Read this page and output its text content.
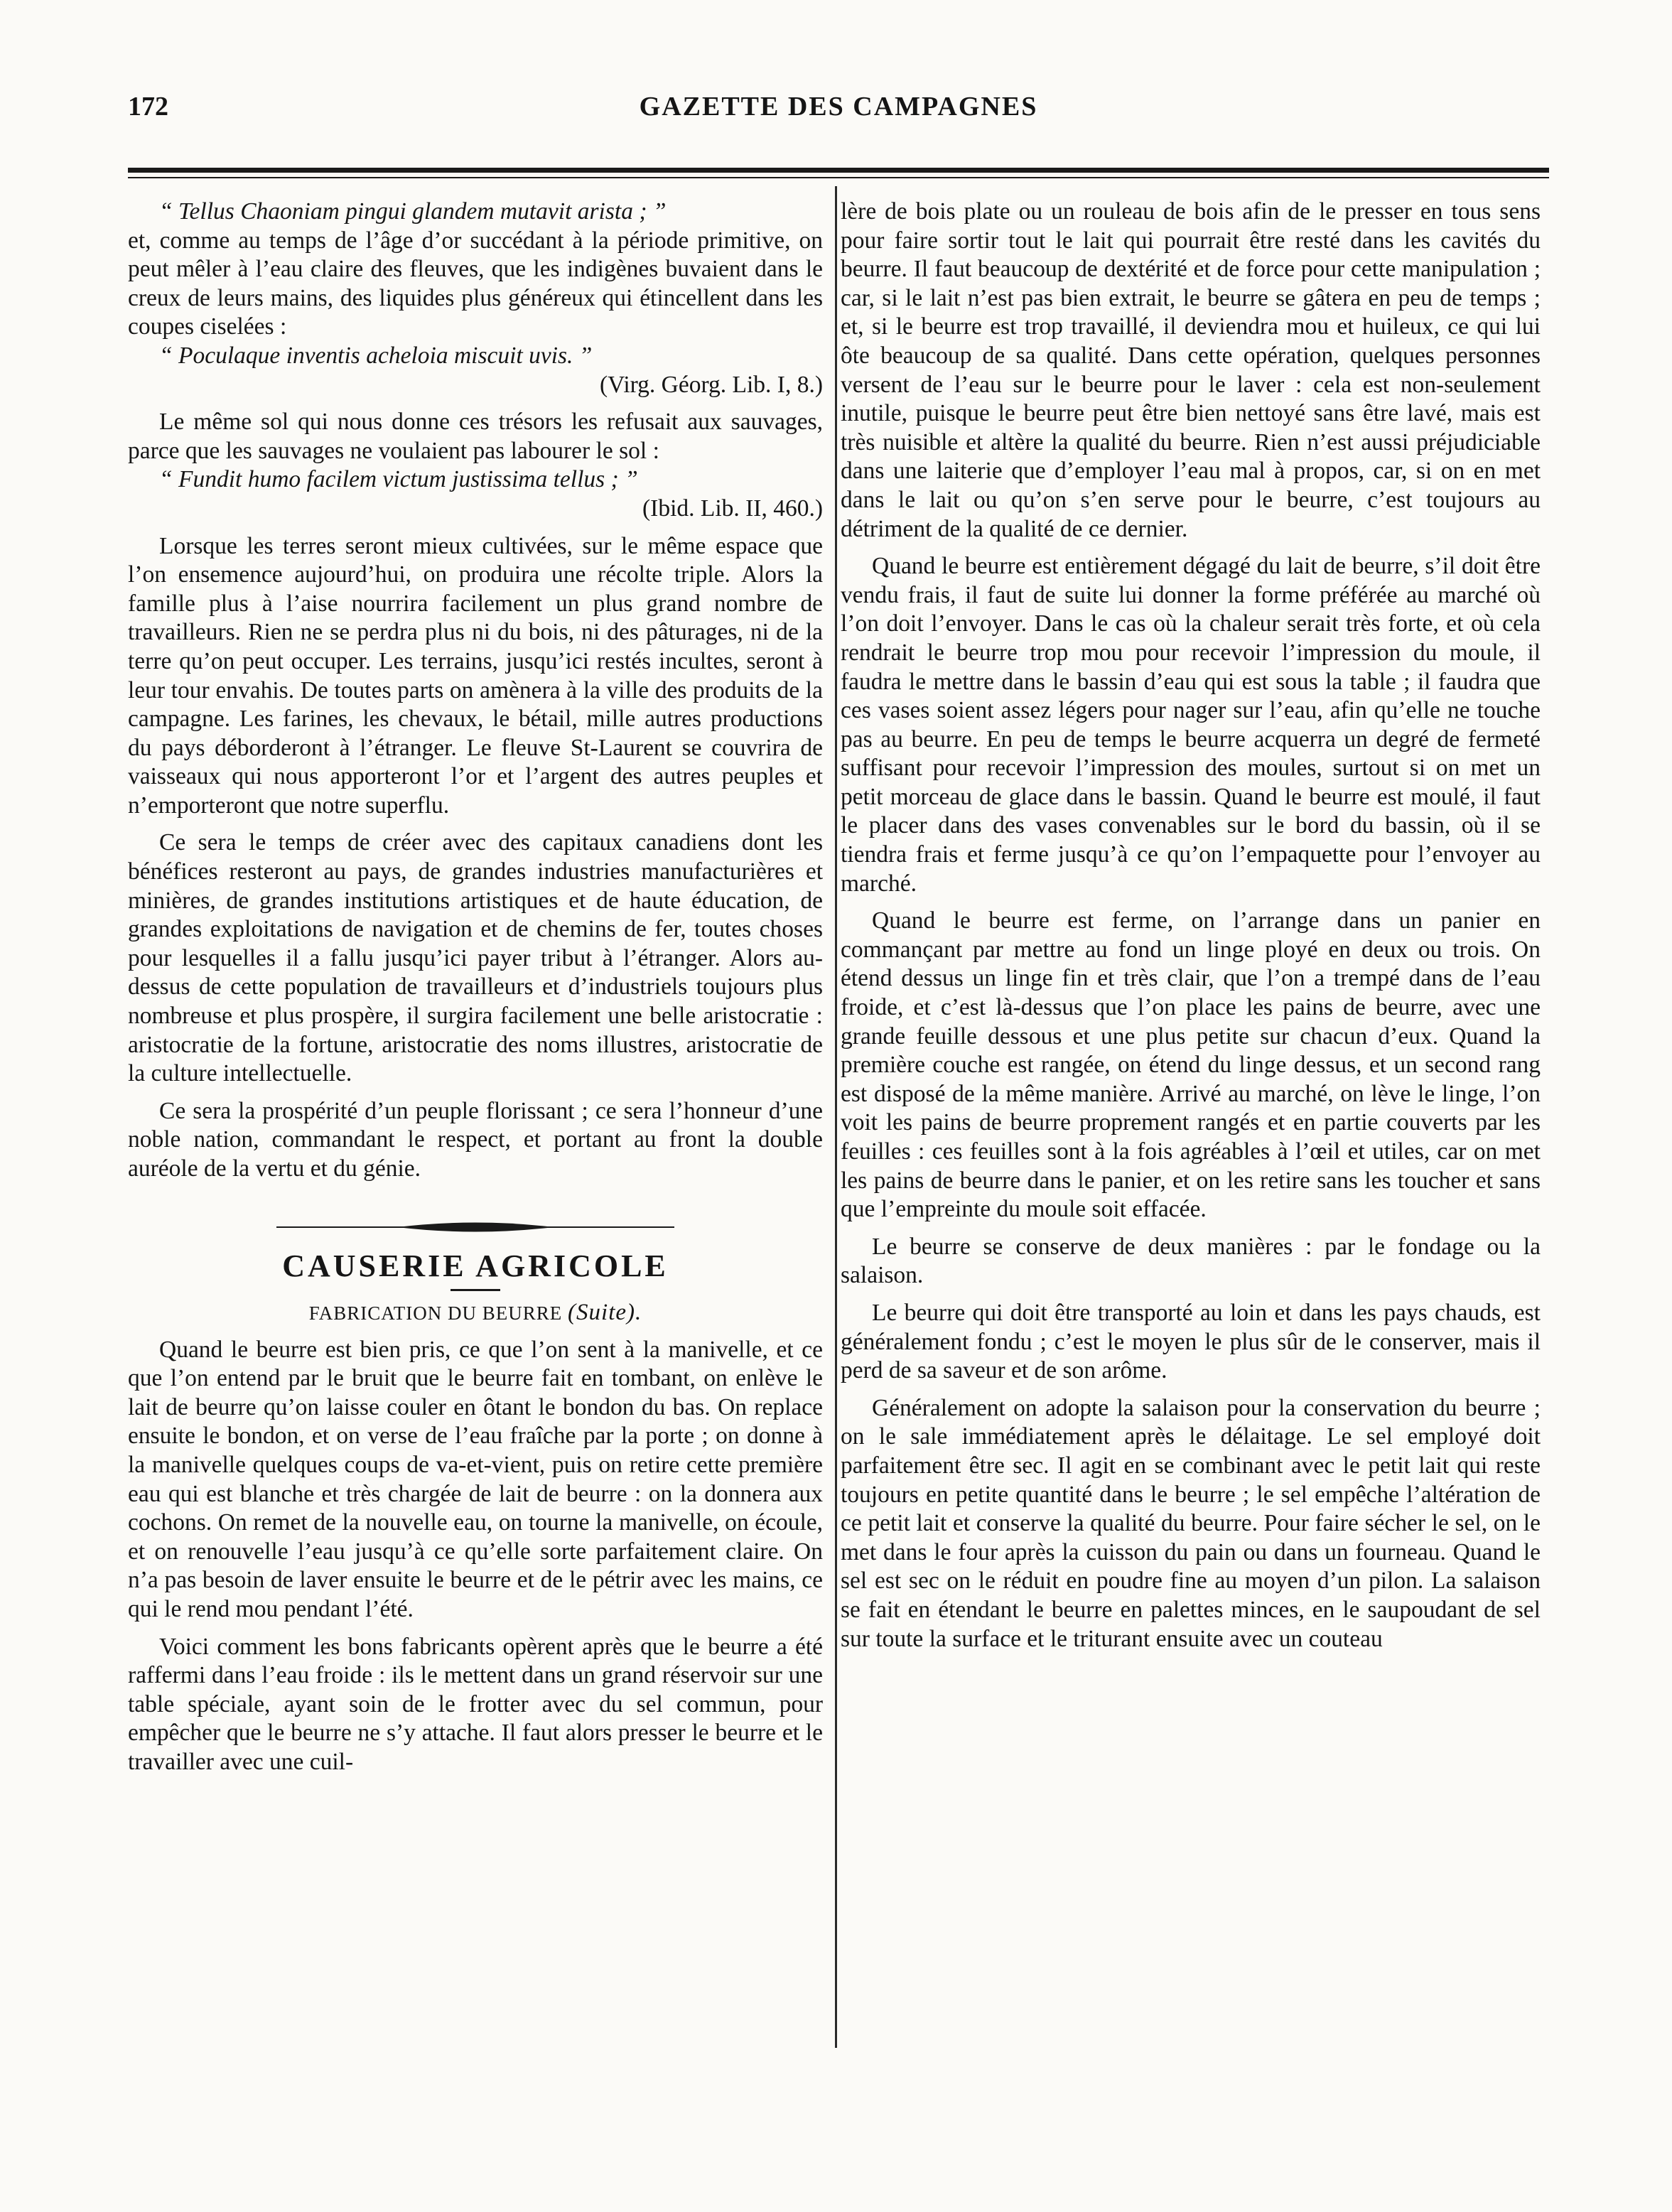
172	GAZETTE DES CAMPAGNES

“ Tellus Chaoniam pingui glandem mutavit arista ; ”

et, comme au temps de l’âge d’or succédant à la période primitive, on peut mêler à l’eau claire des fleuves, que les indigènes buvaient dans le creux de leurs mains, des liquides plus généreux qui étincellent dans les coupes ciselées :

“ Poculaque inventis acheloia miscuit uvis. ”

(Virg. Géorg. Lib. I, 8.)

Le même sol qui nous donne ces trésors les refusait aux sauvages, parce que les sauvages ne voulaient pas labourer le sol :

“ Fundit humo facilem victum justissima tellus ; ”

(Ibid. Lib. II, 460.)

Lorsque les terres seront mieux cultivées, sur le même espace que l’on ensemence aujourd’hui, on produira une récolte triple. Alors la famille plus à l’aise nourrira facilement un plus grand nombre de travailleurs. Rien ne se perdra plus ni du bois, ni des pâturages, ni de la terre qu’on peut occuper. Les terrains, jusqu’ici restés incultes, seront à leur tour envahis. De toutes parts on amènera à la ville des produits de la campagne. Les farines, les chevaux, le bétail, mille autres productions du pays déborderont à l’étranger. Le fleuve St-Laurent se couvrira de vaisseaux qui nous apporteront l’or et l’argent des autres peuples et n’emporteront que notre superflu.

Ce sera le temps de créer avec des capitaux canadiens dont les bénéfices resteront au pays, de grandes industries manufacturières et minières, de grandes institutions artistiques et de haute éducation, de grandes exploitations de navigation et de chemins de fer, toutes choses pour lesquelles il a fallu jusqu’ici payer tribut à l’étranger. Alors au-dessus de cette population de travailleurs et d’industriels toujours plus nombreuse et plus prospère, il surgira facilement une belle aristocratie : aristocratie de la fortune, aristocratie des noms illustres, aristocratie de la culture intellectuelle.

Ce sera la prospérité d’un peuple florissant ; ce sera l’honneur d’une noble nation, commandant le respect, et portant au front la double auréole de la vertu et du génie.

CAUSERIE AGRICOLE

FABRICATION DU BEURRE (Suite).

Quand le beurre est bien pris, ce que l’on sent à la manivelle, et ce que l’on entend par le bruit que le beurre fait en tombant, on enlève le lait de beurre qu’on laisse couler en ôtant le bondon du bas. On replace ensuite le bondon, et on verse de l’eau fraîche par la porte ; on donne à la manivelle quelques coups de va-et-vient, puis on retire cette première eau qui est blanche et très chargée de lait de beurre : on la donnera aux cochons. On remet de la nouvelle eau, on tourne la manivelle, on écoule, et on renouvelle l’eau jusqu’à ce qu’elle sorte parfaitement claire. On n’a pas besoin de laver ensuite le beurre et de le pétrir avec les mains, ce qui le rend mou pendant l’été.

Voici comment les bons fabricants opèrent après que le beurre a été raffermi dans l’eau froide : ils le mettent dans un grand réservoir sur une table spéciale, ayant soin de le frotter avec du sel commun, pour empêcher que le beurre ne s’y attache. Il faut alors presser le beurre et le travailler avec une cuil-

lère de bois plate ou un rouleau de bois afin de le presser en tous sens pour faire sortir tout le lait qui pourrait être resté dans les cavités du beurre. Il faut beaucoup de dextérité et de force pour cette manipulation ; car, si le lait n’est pas bien extrait, le beurre se gâtera en peu de temps ; et, si le beurre est trop travaillé, il deviendra mou et huileux, ce qui lui ôte beaucoup de sa qualité. Dans cette opération, quelques personnes versent de l’eau sur le beurre pour le laver : cela est non-seulement inutile, puisque le beurre peut être bien nettoyé sans être lavé, mais est très nuisible et altère la qualité du beurre. Rien n’est aussi préjudiciable dans une laiterie que d’employer l’eau mal à propos, car, si on en met dans le lait ou qu’on s’en serve pour le beurre, c’est toujours au détriment de la qualité de ce dernier.

Quand le beurre est entièrement dégagé du lait de beurre, s’il doit être vendu frais, il faut de suite lui donner la forme préférée au marché où l’on doit l’envoyer. Dans le cas où la chaleur serait très forte, et où cela rendrait le beurre trop mou pour recevoir l’impression du moule, il faudra le mettre dans le bassin d’eau qui est sous la table ; il faudra que ces vases soient assez légers pour nager sur l’eau, afin qu’elle ne touche pas au beurre. En peu de temps le beurre acquerra un degré de fermeté suffisant pour recevoir l’impression des moules, surtout si on met un petit morceau de glace dans le bassin. Quand le beurre est moulé, il faut le placer dans des vases convenables sur le bord du bassin, où il se tiendra frais et ferme jusqu’à ce qu’on l’empaquette pour l’envoyer au marché.

Quand le beurre est ferme, on l’arrange dans un panier en commançant par mettre au fond un linge ployé en deux ou trois. On étend dessus un linge fin et très clair, que l’on a trempé dans de l’eau froide, et c’est là-dessus que l’on place les pains de beurre, avec une grande feuille dessous et une plus petite sur chacun d’eux. Quand la première couche est rangée, on étend du linge dessus, et un second rang est disposé de la même manière. Arrivé au marché, on lève le linge, l’on voit les pains de beurre proprement rangés et en partie couverts par les feuilles : ces feuilles sont à la fois agréables à l’œil et utiles, car on met les pains de beurre dans le panier, et on les retire sans les toucher et sans que l’empreinte du moule soit effacée.

Le beurre se conserve de deux manières : par le fondage ou la salaison.

Le beurre qui doit être transporté au loin et dans les pays chauds, est généralement fondu ; c’est le moyen le plus sûr de le conserver, mais il perd de sa saveur et de son arôme.

Généralement on adopte la salaison pour la conservation du beurre ; on le sale immédiatement après le délaitage. Le sel employé doit parfaitement être sec. Il agit en se combinant avec le petit lait qui reste toujours en petite quantité dans le beurre ; le sel empêche l’altération de ce petit lait et conserve la qualité du beurre. Pour faire sécher le sel, on le met dans le four après la cuisson du pain ou dans un fourneau. Quand le sel est sec on le réduit en poudre fine au moyen d’un pilon. La salaison se fait en étendant le beurre en palettes minces, en le saupoudant de sel sur toute la surface et le triturant ensuite avec un couteau
